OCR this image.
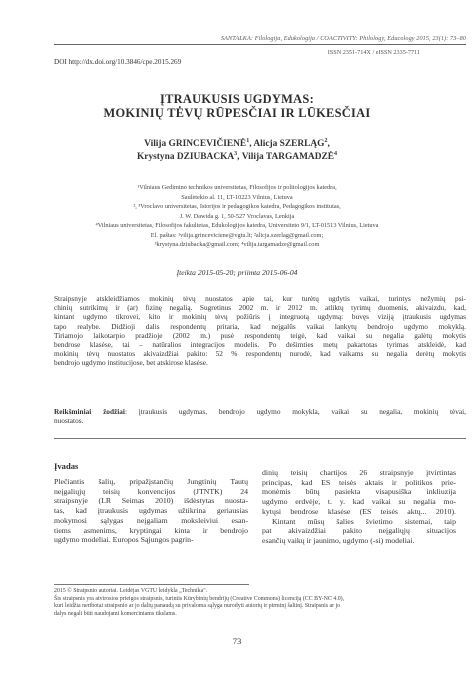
SANTALKA: Filologija, Edukologija / COACTIVITY: Philology, Educology 2015, 23(1): 73–80
ISSN 2351-714X / eISSN 2335-7711
DOI http://dx.doi.org/10.3846/cpe.2015.269
ĮTRAUKUSIS UGDYMAS:
MOKINIŲ TĖVŲ RŪPESČIAI IR LŪKESČIAI
Vilija GRINCEVIČIENĖ$^1$, Alicja SZERLĄG$^2$,
Krystyna DZIUBACKA$^3$, Vilija TARGAMADZĖ$^4$
¹Vilniaus Gedimino technikos universitetas, Filosofijos ir politologijos katedra,
Saulėtekio al. 11, LT-10223 Vilnius, Lietuva
², ³Vroclavo universitetas, Istorijos ir pedagogikos katedra, Pedagogikos institutas,
J. W. Dawida g. 1, 50-527 Vroclavas, Lenkija
⁴Vilniaus universitetas, Filosofijos fakultetas, Edukologijos katedra, Universiteto 9/1, LT-01513 Vilnius, Lietuva
El. paštas: ¹vilija.grinceviciene@vgtu.lt; ²alicja.szerlag@gmail.com;
³krystyna.dziubacka@gmail.com; ⁴vilija.targamadze@gmail.com
Įteikta 2015-05-20; priimta 2015-06-04
Straipsnyje atskleidžiamos mokinių tėvų nuostatos apie tai, kur turėtų ugdytis vaikai, turintys nežymių psi-
chinių sutrikimų ir (ar) fizinę negalią. Sugretinus 2002 m. ir 2012 m. atliktų tyrimų duomenis, akivaizdu, kad,
kintant ugdymo tikrovei, kito ir mokinių tėvų požiūris į integruotą ugdymą: buvęs viziją įtraukusis ugdymas
tapo realybe. Didžioji dalis respondentų pritaria, kad neįgalūs vaikai lankytų bendrojo ugdymo mokyklą.
Tiriamojo laikotarpio pradžioje (2002 m.) pusė respondentų teigė, kad vaikai su negalia galėtų mokytis
bendrose klasėse, tai – natūralios integracijos modelis. Po dešimties metų pakartotas tyrimas atskleidė, kad
mokinių tėvų nuostatos akivaizdžiai pakito: 52 % respondentų nurodė, kad vaikams su negalia derėtų mokytis
bendrojo ugdymo institucijose, bet atskirose klasėse.
Reikšminiai žodžiai: įtraukusis ugdymas, bendrojo ugdymo mokykla, vaikai su negalia, mokinių tėvai,
nuostatos.
Įvadas
Plečiantis šalių, pripažįstančių Jungtinių Tautų
neįgaliųjų teisių konvencijos (JTNTK) 24
straipsnyje (LR Seimas 2010) išdėstytas nuosta-
tas, kad įtraukusis ugdymas užtikrina geriausias
mokymosi sąlygas neįgaliam moksleiviui esan-
tiems asmenims, kryptingai kinta ir bendrojo
ugdymo modeliai. Europos Sąjungos pagrin-
dinių teisių chartijos 26 straipsnyje įtvirtintas
principas, kad ES teisės aktais ir politikos prie-
monėmis būtų pasiekta visapusiška inkliuzija
ugdymo erdvėje, t. y. kad vaikai su negalia mo-
kytųsi bendrose klasėse (ES teisės aktų... 2010).
Kintant mūsų šalies švietimo sistemai, taip
pat akivaizdžiai pakito neįgaliųjų situacijos
esančių vaikų ir jaunimo, ugdymo (-si) modeliai.
2015 © Straipsnio autoriai. Leidėjas VGTU leidykla „Technika".
Šis straipsnis yra atvirosios prieigos straipsnis, turintis Kūrybinių bendrijų (Creative Commons) licenciją (CC BY-NC 4.0),
kuri leidžia neribotai straipsnio ar jo dalių panaudą su privaloma sąlyga nurodyti autorių ir pirminį šaltinį. Straipsnis ar jo
dalys negali būti naudojami komerciniams tikslams.
73
